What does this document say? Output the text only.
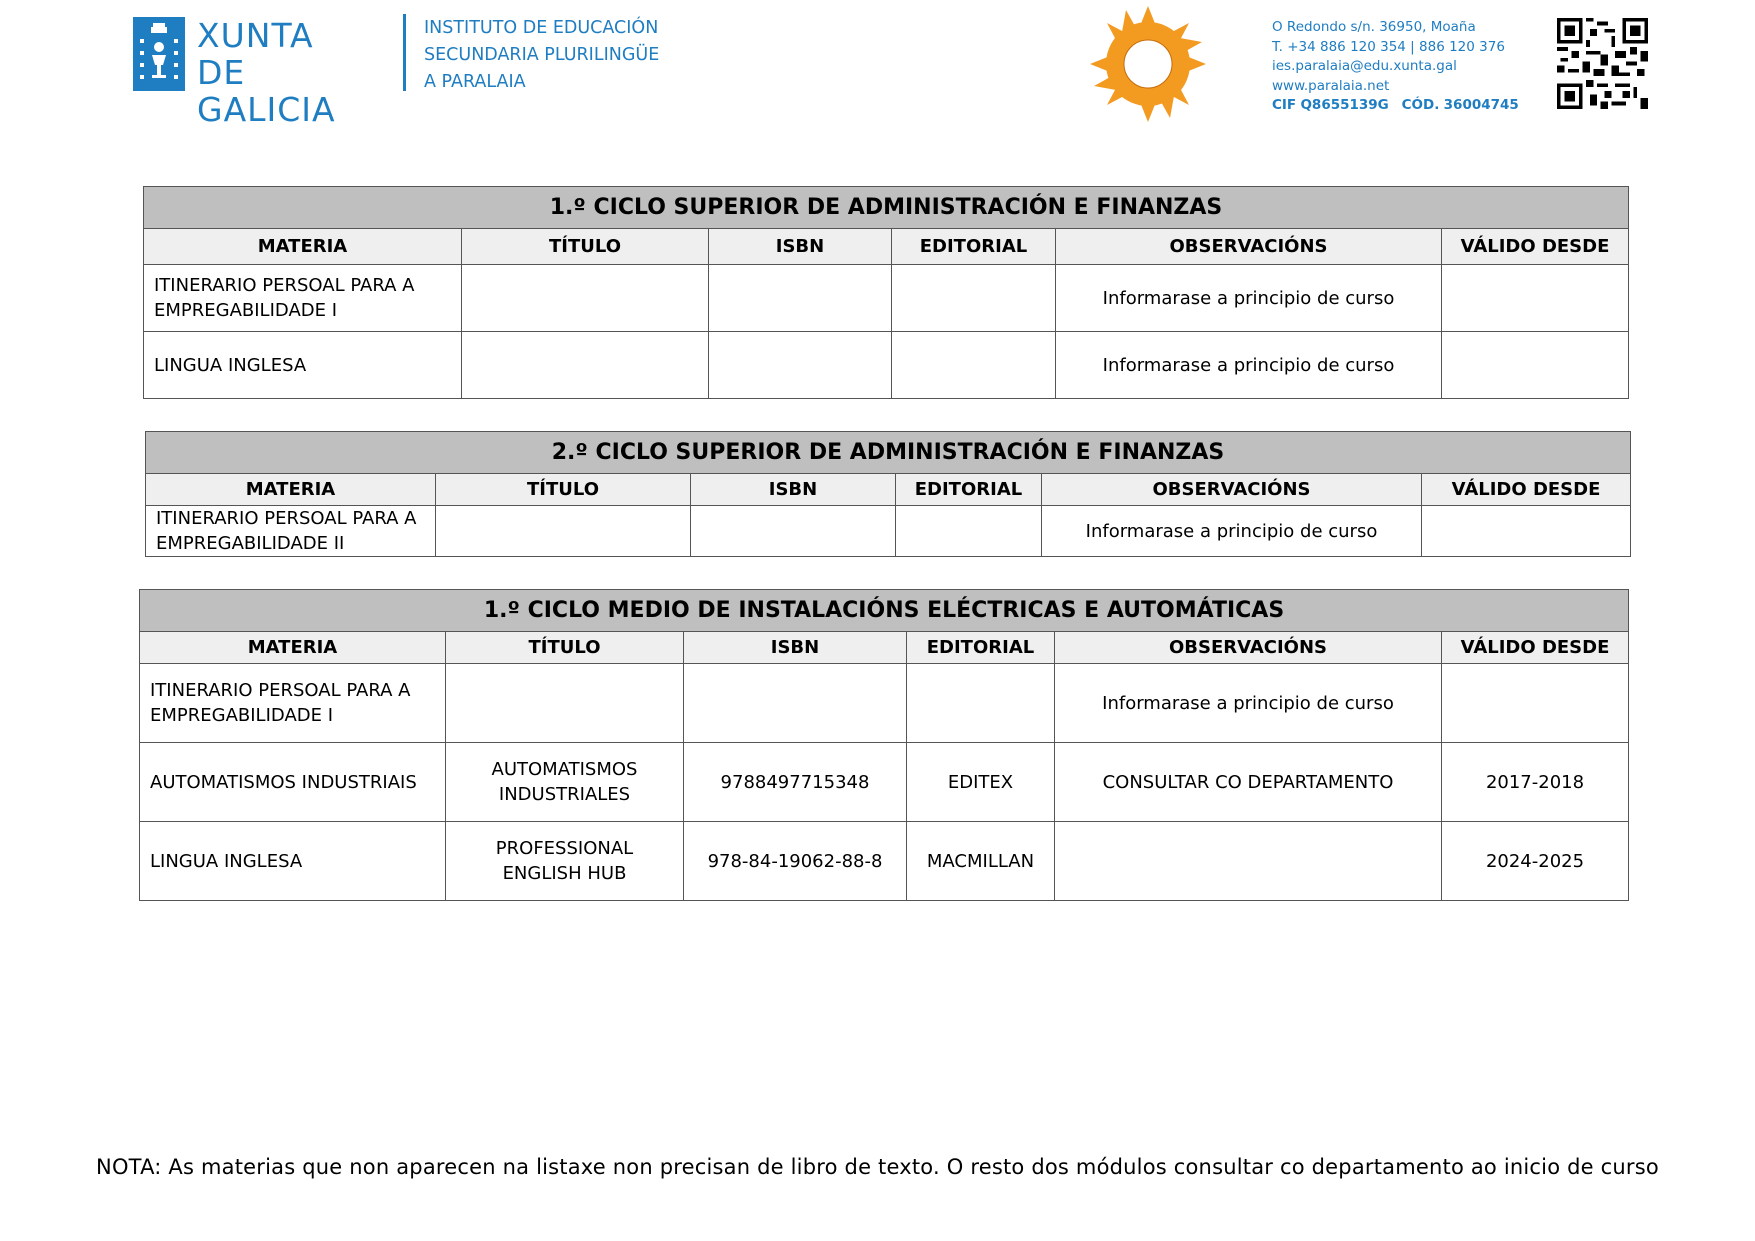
XUNTA
DE GALICIA
INSTITUTO DE EDUCACIÓN
SECUNDARIA PLURILINGÜE
A PARALAIA
O Redondo s/n. 36950, Moaña
T. +34 886 120 354 | 886 120 376
ies.paralaia@edu.xunta.gal
www.paralaia.net
CIF Q8655139G CÓD. 36004745
1.º CICLO SUPERIOR DE ADMINISTRACIÓN E FINANZAS					
MATERIA	TÍTULO	ISBN	EDITORIAL	OBSERVACIÓNS	VÁLIDO DESDE
ITINERARIO PERSOAL PARA A EMPREGABILIDADE I				Informarase a principio de curso	
LINGUA INGLESA				Informarase a principio de curso	
2.º CICLO SUPERIOR DE ADMINISTRACIÓN E FINANZAS					
MATERIA	TÍTULO	ISBN	EDITORIAL	OBSERVACIÓNS	VÁLIDO DESDE
ITINERARIO PERSOAL PARA A EMPREGABILIDADE II				Informarase a principio de curso	
1.º CICLO MEDIO DE INSTALACIÓNS ELÉCTRICAS E AUTOMÁTICAS					
MATERIA	TÍTULO	ISBN	EDITORIAL	OBSERVACIÓNS	VÁLIDO DESDE
ITINERARIO PERSOAL PARA A EMPREGABILIDADE I				Informarase a principio de curso	
AUTOMATISMOS INDUSTRIAIS	AUTOMATISMOS INDUSTRIALES	9788497715348	EDITEX	CONSULTAR CO DEPARTAMENTO	2017-2018
LINGUA INGLESA	PROFESSIONAL ENGLISH HUB	978-84-19062-88-8	MACMILLAN		2024-2025
NOTA: As materias que non aparecen na listaxe non precisan de libro de texto. O resto dos módulos consultar co departamento ao inicio de curso
